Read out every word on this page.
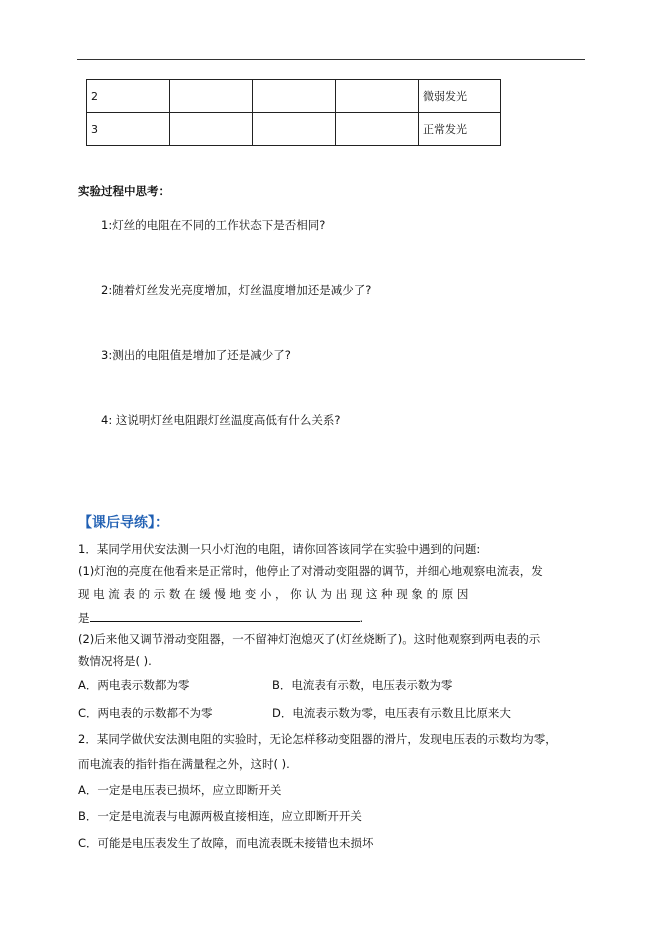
2				微弱发光
3				正常发光
实验过程中思考：
1:灯丝的电阻在不同的工作状态下是否相同?
2:随着灯丝发光亮度增加，灯丝温度增加还是减少了?
3:测出的电阻值是增加了还是减少了?
4: 这说明灯丝电阻跟灯丝温度高低有什么关系?
【课后导练】：
1．某同学用伏安法测一只小灯泡的电阻，请你回答该同学在实验中遇到的问题:
(1)灯泡的亮度在他看来是正常时，他停止了对滑动变阻器的调节，并细心地观察电流表，发
现 电 流 表 的 示 数 在 缓 慢 地 变 小 ， 你 认 为 出 现 这 种 现 象 的 原 因
是	.
(2)后来他又调节滑动变阻器，一不留神灯泡熄灭了(灯丝烧断了)。这时他观察到两电表的示
数情况将是( ).
A．两电表示数都为零	B．电流表有示数，电压表示数为零
C．两电表的示数都不为零	D．电流表示数为零，电压表有示数且比原来大
2．某同学做伏安法测电阻的实验时，无论怎样移动变阻器的滑片，发现电压表的示数均为零，
而电流表的指针指在满量程之外，这时( ).
A．一定是电压表已损坏，应立即断开关
B．一定是电流表与电源两极直接相连，应立即断开开关
C．可能是电压表发生了故障，而电流表既未接错也未损坏
